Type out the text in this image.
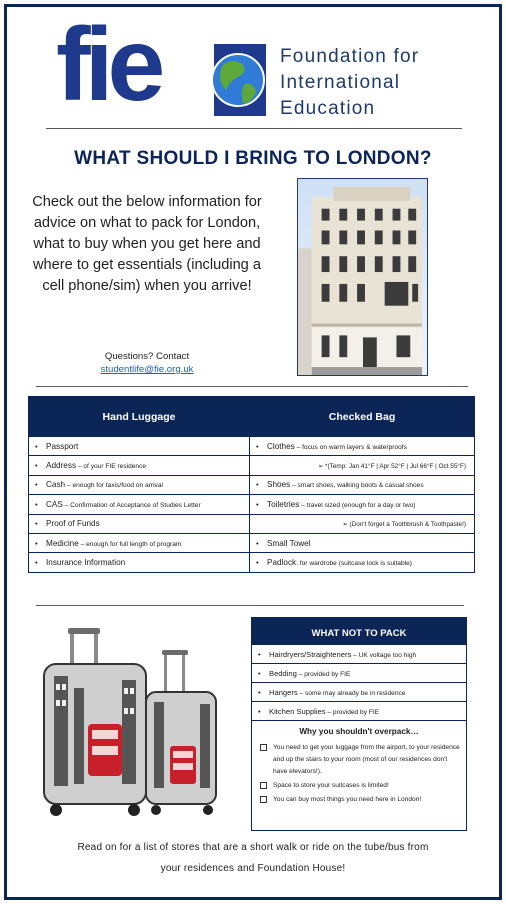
fie	Foundation for
International
Education
WHAT SHOULD I BRING TO LONDON?
Check out the below information for advice on what to pack for London, what to buy when you get here and where to get essentials (including a cell phone/sim) when you arrive!
Questions? Contact
studentlife@fie.org.uk
Hand Luggage	Checked Bag
• Passport	• Clothes – focus on warm layers & waterproofs
• Address – of your FIE residence	➢ *(Temp: Jan 41°F | Apr 52°F | Jul 66°F | Oct 55°F)
• Cash – enough for taxis/food on arrival	• Shoes – smart shoes, walking boots & casual shoes
• CAS – Confirmation of Acceptance of Studies Letter	• Toiletries – travel sized (enough for a day or two)
• Proof of Funds	➢ (Don't forget a Toothbrush & Toothpaste!)
• Medicine – enough for full length of program	• Small Towel
• Insurance Information	• Padlock: for wardrobe (suitcase lock is suitable)
WHAT NOT TO PACK
• Hairdryers/Straighteners – UK voltage too high
• Bedding – provided by FIE
• Hangers – some may already be in residence
• Kitchen Supplies – provided by FIE
Why you shouldn't overpack…
You need to get your luggage from the airport, to your residence and up the stairs to your room (most of our residences don't have elevators!).
Space to store your suitcases is limited!
You can buy most things you need here in London!
Read on for a list of stores that are a short walk or ride on the tube/bus from
your residences and Foundation House!
